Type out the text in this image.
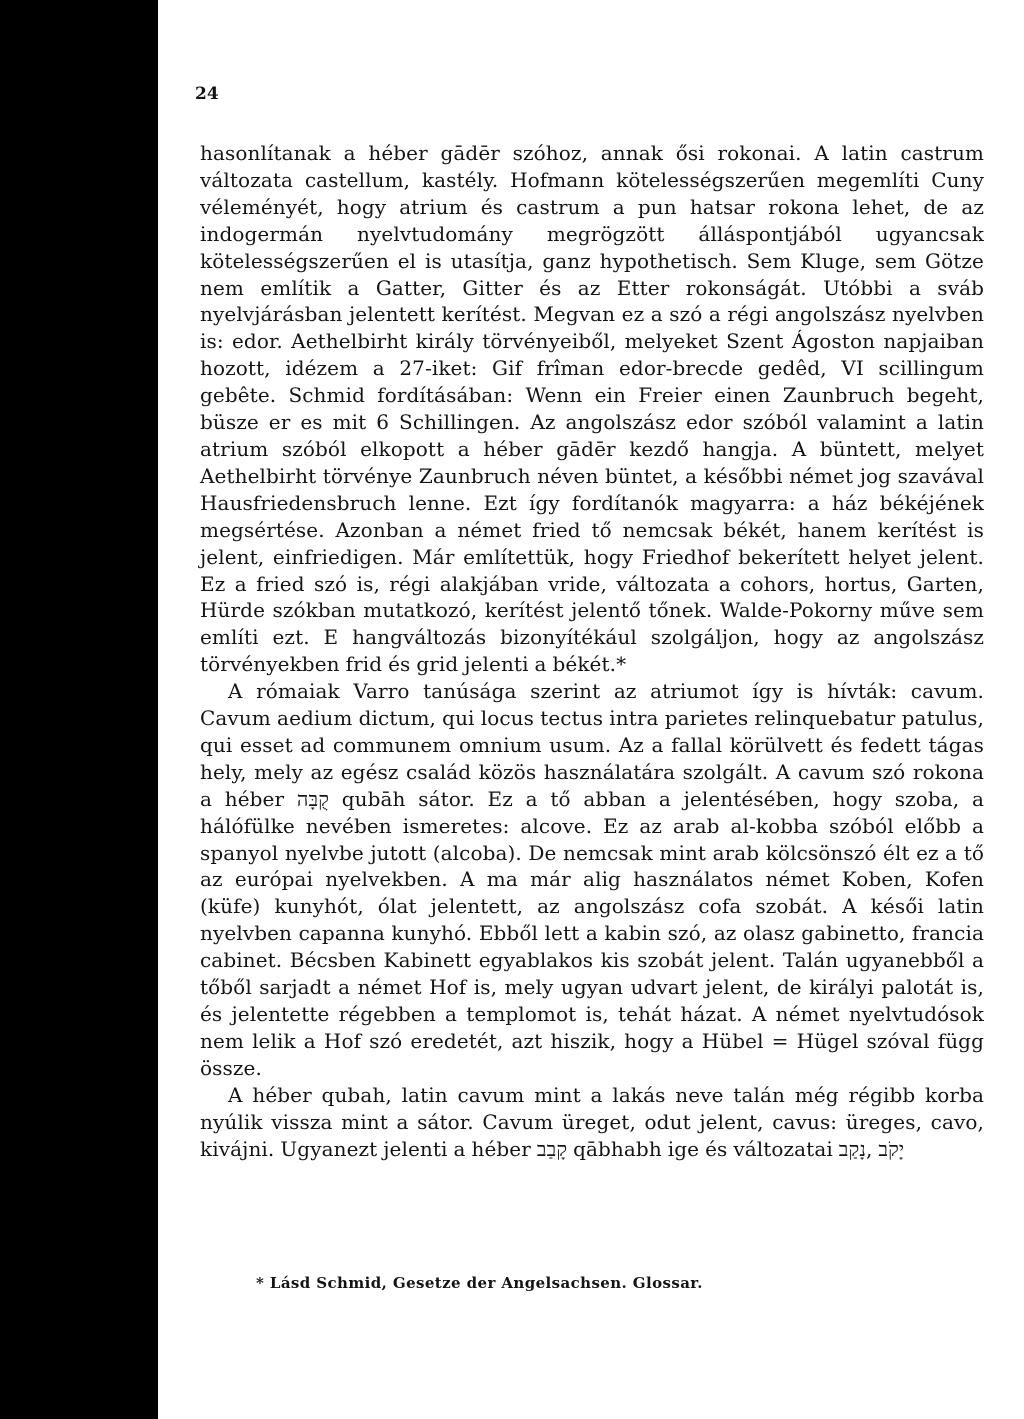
24

hasonlítanak a héber gādēr szóhoz, annak ősi rokonai. A latin castrum változata castellum, kastély. Hofmann kötelességszerűen megemlíti Cuny véleményét, hogy atrium és castrum a pun hatsar rokona lehet, de az indogermán nyelvtudomány megrögzött álláspontjából ugyancsak kötelességszerűen el is utasítja, ganz hypothetisch. Sem Kluge, sem Götze nem említik a Gatter, Gitter és az Etter rokonságát. Utóbbi a sváb nyelvjárásban jelentett kerítést. Megvan ez a szó a régi angolszász nyelvben is: edor. Aethelbirht király törvényeiből, melyeket Szent Ágoston napjaiban hozott, idézem a 27-iket: Gif frîman edor-brecde gedêd, VI scillingum gebête. Schmid fordításában: Wenn ein Freier einen Zaunbruch begeht, büsze er es mit 6 Schillingen. Az angolszász edor szóból valamint a latin atrium szóból elkopott a héber gādēr kezdő hangja. A büntett, melyet Aethelbirht törvénye Zaunbruch néven büntet, a későbbi német jog szavával Hausfriedensbruch lenne. Ezt így fordítanók magyarra: a ház békéjének megsértése. Azonban a német fried tő nemcsak békét, hanem kerítést is jelent, einfriedigen. Már említettük, hogy Friedhof bekerített helyet jelent. Ez a fried szó is, régi alakjában vride, változata a cohors, hortus, Garten, Hürde szókban mutatkozó, kerítést jelentő tőnek. Walde-Pokorny műve sem említi ezt. E hangváltozás bizonyítékául szolgáljon, hogy az angolszász törvényekben frid és grid jelenti a békét.*

A rómaiak Varro tanúsága szerint az atriumot így is hívták: cavum. Cavum aedium dictum, qui locus tectus intra parietes relinquebatur patulus, qui esset ad communem omnium usum. Az a fallal körülvett és fedett tágas hely, mely az egész család közös használatára szolgált. A cavum szó rokona a héber קֻבָּה qubāh sátor. Ez a tő abban a jelentésében, hogy szoba, a hálófülke nevében ismeretes: alcove. Ez az arab al-kobba szóból előbb a spanyol nyelvbe jutott (alcoba). De nemcsak mint arab kölcsönszó élt ez a tő az európai nyelvekben. A ma már alig használatos német Koben, Kofen (küfe) kunyhót, ólat jelentett, az angolszász cofa szobát. A késői latin nyelvben capanna kunyhó. Ebből lett a kabin szó, az olasz gabinetto, francia cabinet. Bécsben Kabinett egyablakos kis szobát jelent. Talán ugyanebből a tőből sarjadt a német Hof is, mely ugyan udvart jelent, de királyi palotát is, és jelentette régebben a templomot is, tehát házat. A német nyelvtudósok nem lelik a Hof szó eredetét, azt hiszik, hogy a Hübel = Hügel szóval függ össze.

A héber qubah, latin cavum mint a lakás neve talán még régibb korba nyúlik vissza mint a sátor. Cavum üreget, odut jelent, cavus: üreges, cavo, kivájni. Ugyanezt jelenti a héber קָבַב qābhabh ige és változatai יָקֹב ,נָקַב

* Lásd Schmid, Gesetze der Angelsachsen. Glossar.
